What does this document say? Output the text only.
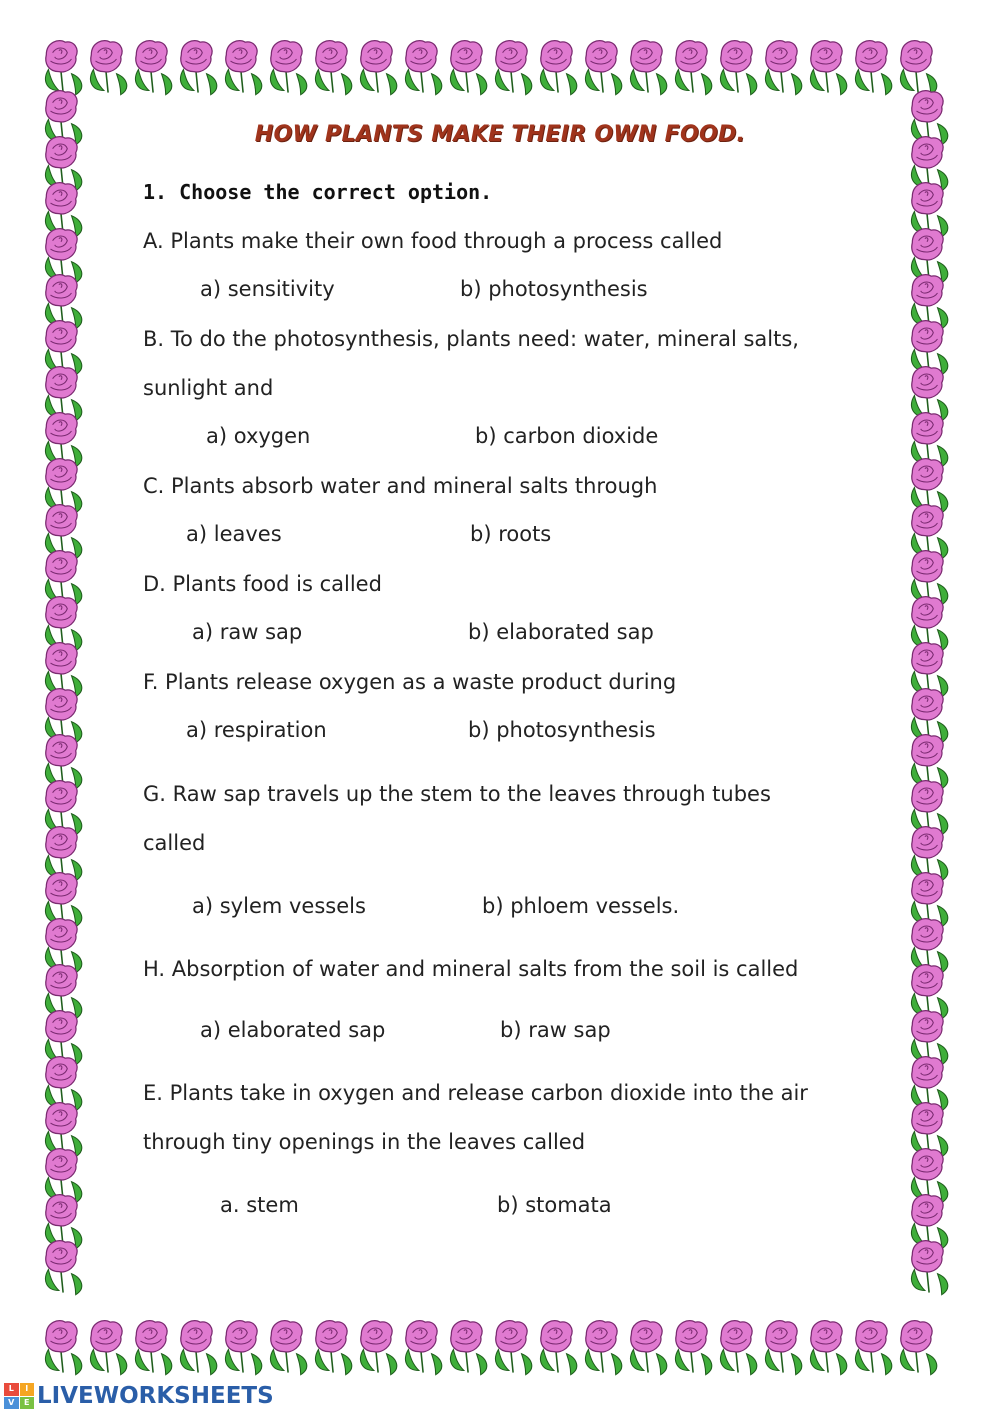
HOW PLANTS MAKE THEIR OWN FOOD.
1. Choose the correct option.
A. Plants make their own food through a process called
a) sensitivity	b) photosynthesis
B. To do the photosynthesis, plants need: water, mineral salts,
sunlight and
a) oxygen	b) carbon dioxide
C. Plants absorb water and mineral salts through
a) leaves	b) roots
D. Plants food is called
a) raw sap	b) elaborated sap
F. Plants release oxygen as a waste product during
a) respiration	b) photosynthesis
G. Raw sap travels up the stem to the leaves through tubes
called
a) sylem vessels	b) phloem vessels.
H. Absorption of water and mineral salts from the soil is called
a) elaborated sap	b) raw sap
E. Plants take in oxygen and release carbon dioxide into the air
through tiny openings in the leaves called
a. stem	b) stomata
L	I
V	E LIVEWORKSHEETS
